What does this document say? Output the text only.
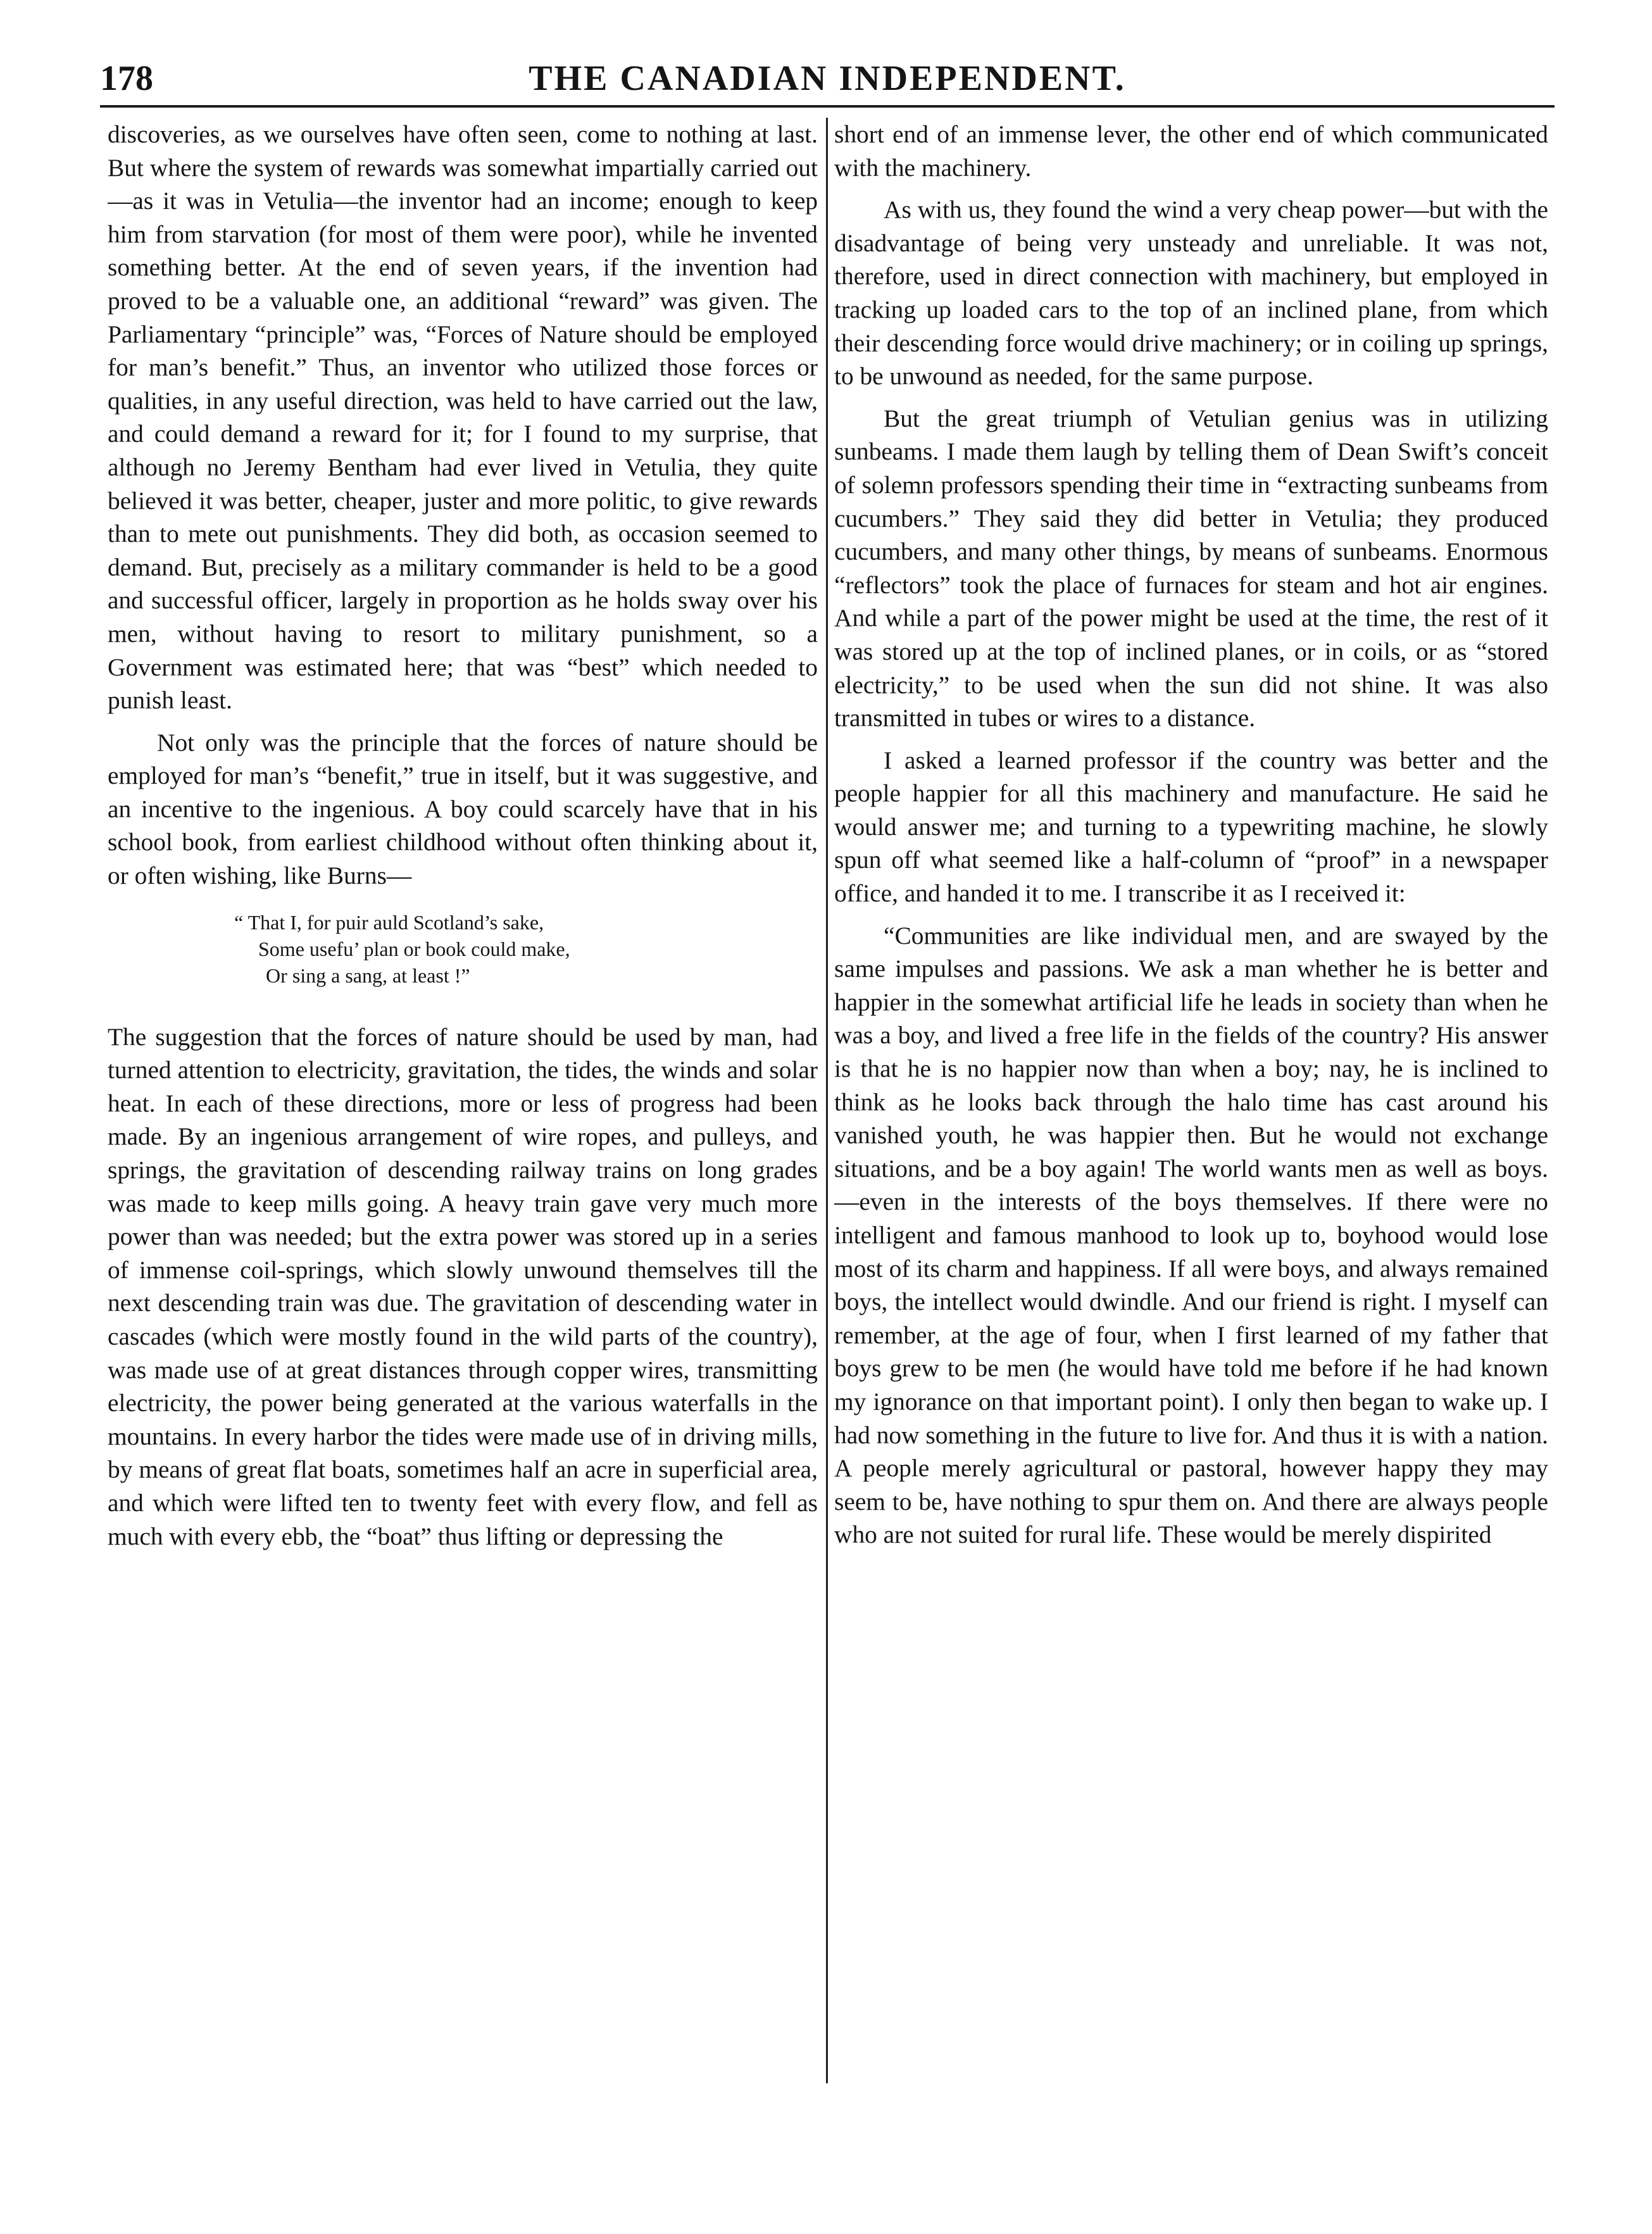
178	THE CANADIAN INDEPENDENT.

discoveries, as we ourselves have often seen, come to nothing at last. But where the system of rewards was somewhat impartially carried out—as it was in Vetulia—the inventor had an income; enough to keep him from starvation (for most of them were poor), while he invented something better. At the end of seven years, if the invention had proved to be a valuable one, an additional “reward” was given. The Parliamentary “principle” was, “Forces of Nature should be employed for man’s benefit.” Thus, an inventor who utilized those forces or qualities, in any useful direction, was held to have carried out the law, and could demand a reward for it; for I found to my surprise, that although no Jeremy Bentham had ever lived in Vetulia, they quite believed it was better, cheaper, juster and more politic, to give rewards than to mete out punishments. They did both, as occasion seemed to demand. But, precisely as a military commander is held to be a good and successful officer, largely in proportion as he holds sway over his men, without having to resort to military punishment, so a Government was estimated here; that was “best” which needed to punish least.

Not only was the principle that the forces of nature should be employed for man’s “benefit,” true in itself, but it was suggestive, and an incentive to the ingenious. A boy could scarcely have that in his school book, from earliest childhood without often thinking about it, or often wishing, like Burns—

“ That I, for puir auld Scotland’s sake,
Some usefu’ plan or book could make,
Or sing a sang, at least !”

The suggestion that the forces of nature should be used by man, had turned attention to electricity, gravitation, the tides, the winds and solar heat. In each of these directions, more or less of progress had been made. By an ingenious arrangement of wire ropes, and pulleys, and springs, the gravitation of descending railway trains on long grades was made to keep mills going. A heavy train gave very much more power than was needed; but the extra power was stored up in a series of immense coil-springs, which slowly unwound themselves till the next descending train was due. The gravitation of descending water in cascades (which were mostly found in the wild parts of the country), was made use of at great distances through copper wires, transmitting electricity, the power being generated at the various waterfalls in the mountains. In every harbor the tides were made use of in driving mills, by means of great flat boats, sometimes half an acre in superficial area, and which were lifted ten to twenty feet with every flow, and fell as much with every ebb, the “boat” thus lifting or depressing the

short end of an immense lever, the other end of which communicated with the machinery.

As with us, they found the wind a very cheap power—but with the disadvantage of being very unsteady and unreliable. It was not, therefore, used in direct connection with machinery, but employed in tracking up loaded cars to the top of an inclined plane, from which their descending force would drive machinery; or in coiling up springs, to be unwound as needed, for the same purpose.

But the great triumph of Vetulian genius was in utilizing sunbeams. I made them laugh by telling them of Dean Swift’s conceit of solemn professors spending their time in “extracting sunbeams from cucumbers.” They said they did better in Vetulia; they produced cucumbers, and many other things, by means of sunbeams. Enormous “reflectors” took the place of furnaces for steam and hot air engines. And while a part of the power might be used at the time, the rest of it was stored up at the top of inclined planes, or in coils, or as “stored electricity,” to be used when the sun did not shine. It was also transmitted in tubes or wires to a distance.

I asked a learned professor if the country was better and the people happier for all this machinery and manufacture. He said he would answer me; and turning to a typewriting machine, he slowly spun off what seemed like a half-column of “proof” in a newspaper office, and handed it to me. I transcribe it as I received it:

“Communities are like individual men, and are swayed by the same impulses and passions. We ask a man whether he is better and happier in the somewhat artificial life he leads in society than when he was a boy, and lived a free life in the fields of the country? His answer is that he is no happier now than when a boy; nay, he is inclined to think as he looks back through the halo time has cast around his vanished youth, he was happier then. But he would not exchange situations, and be a boy again! The world wants men as well as boys. —even in the interests of the boys themselves. If there were no intelligent and famous manhood to look up to, boyhood would lose most of its charm and happiness. If all were boys, and always remained boys, the intellect would dwindle. And our friend is right. I myself can remember, at the age of four, when I first learned of my father that boys grew to be men (he would have told me before if he had known my ignorance on that important point). I only then began to wake up. I had now something in the future to live for. And thus it is with a nation. A people merely agricultural or pastoral, however happy they may seem to be, have nothing to spur them on. And there are always people who are not suited for rural life. These would be merely dispirited
